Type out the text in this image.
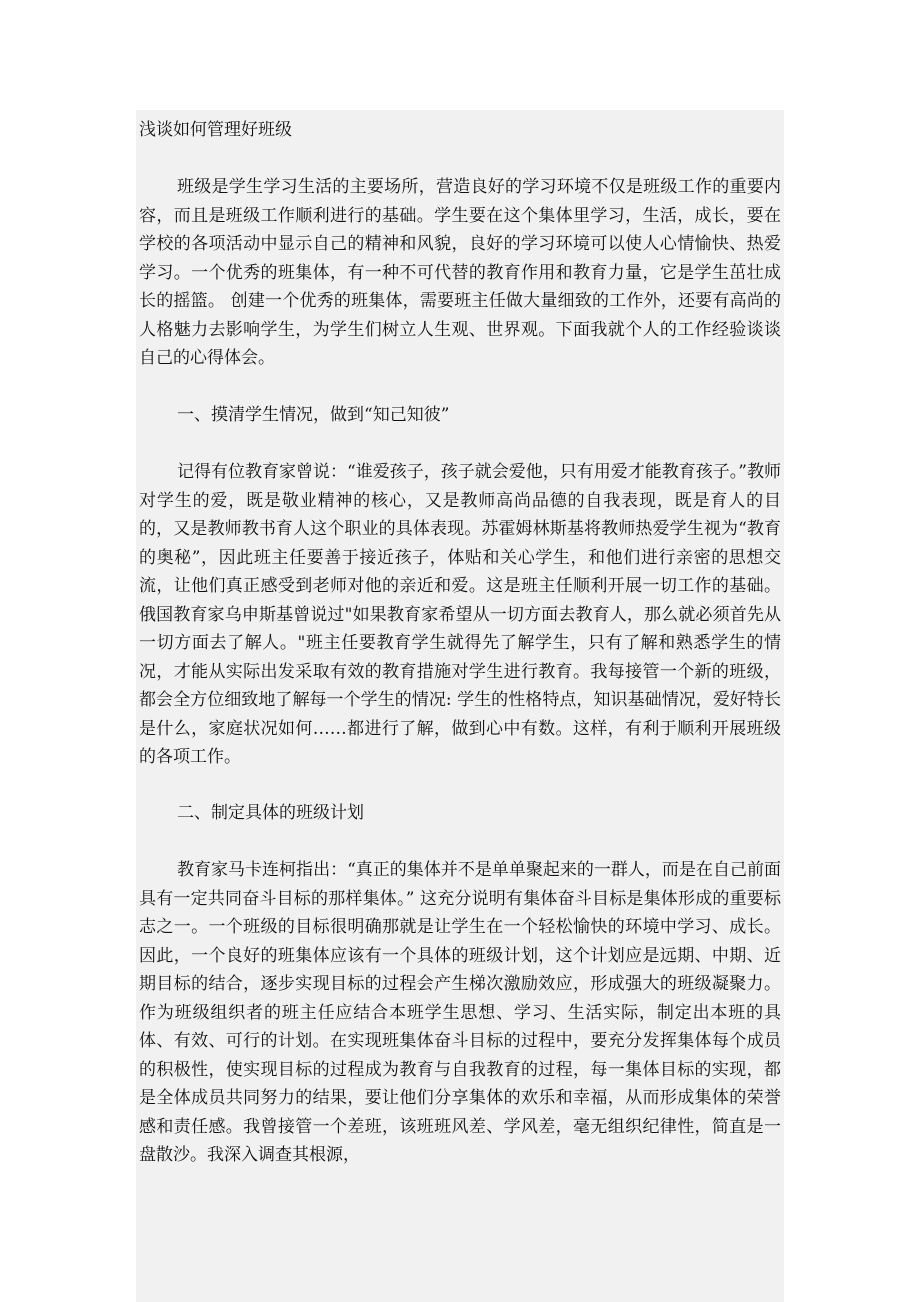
浅谈如何管理好班级

班级是学生学习生活的主要场所，营造良好的学习环境不仅是班级工作的重要内容，而且是班级工作顺利进行的基础。学生要在这个集体里学习，生活，成长，要在学校的各项活动中显示自己的精神和风貌，良好的学习环境可以使人心情愉快、热爱学习。一个优秀的班集体，有一种不可代替的教育作用和教育力量，它是学生茁壮成长的摇篮。 创建一个优秀的班集体，需要班主任做大量细致的工作外，还要有高尚的人格魅力去影响学生，为学生们树立人生观、世界观。下面我就个人的工作经验谈谈自己的心得体会。

一、摸清学生情况，做到“知己知彼”

记得有位教育家曾说：“谁爱孩子，孩子就会爱他，只有用爱才能教育孩子。”教师对学生的爱，既是敬业精神的核心，又是教师高尚品德的自我表现，既是育人的目的，又是教师教书育人这个职业的具体表现。苏霍姆林斯基将教师热爱学生视为“教育的奥秘”，因此班主任要善于接近孩子，体贴和关心学生，和他们进行亲密的思想交流，让他们真正感受到老师对他的亲近和爱。这是班主任顺利开展一切工作的基础。俄国教育家乌申斯基曾说过"如果教育家希望从一切方面去教育人，那么就必须首先从一切方面去了解人。"班主任要教育学生就得先了解学生，只有了解和熟悉学生的情况，才能从实际出发采取有效的教育措施对学生进行教育。我每接管一个新的班级，都会全方位细致地了解每一个学生的情况: 学生的性格特点，知识基础情况，爱好特长是什么，家庭状况如何……都进行了解，做到心中有数。这样，有利于顺利开展班级的各项工作。

二、制定具体的班级计划

教育家马卡连柯指出：“真正的集体并不是单单聚起来的一群人，而是在自己前面具有一定共同奋斗目标的那样集体。” 这充分说明有集体奋斗目标是集体形成的重要标志之一。一个班级的目标很明确那就是让学生在一个轻松愉快的环境中学习、成长。因此，一个良好的班集体应该有一个具体的班级计划，这个计划应是远期、中期、近期目标的结合，逐步实现目标的过程会产生梯次激励效应，形成强大的班级凝聚力。作为班级组织者的班主任应结合本班学生思想、学习、生活实际，制定出本班的具体、有效、可行的计划。在实现班集体奋斗目标的过程中，要充分发挥集体每个成员的积极性，使实现目标的过程成为教育与自我教育的过程，每一集体目标的实现，都是全体成员共同努力的结果，要让他们分享集体的欢乐和幸福，从而形成集体的荣誉感和责任感。我曾接管一个差班，该班班风差、学风差，毫无组织纪律性，简直是一盘散沙。我深入调查其根源，
